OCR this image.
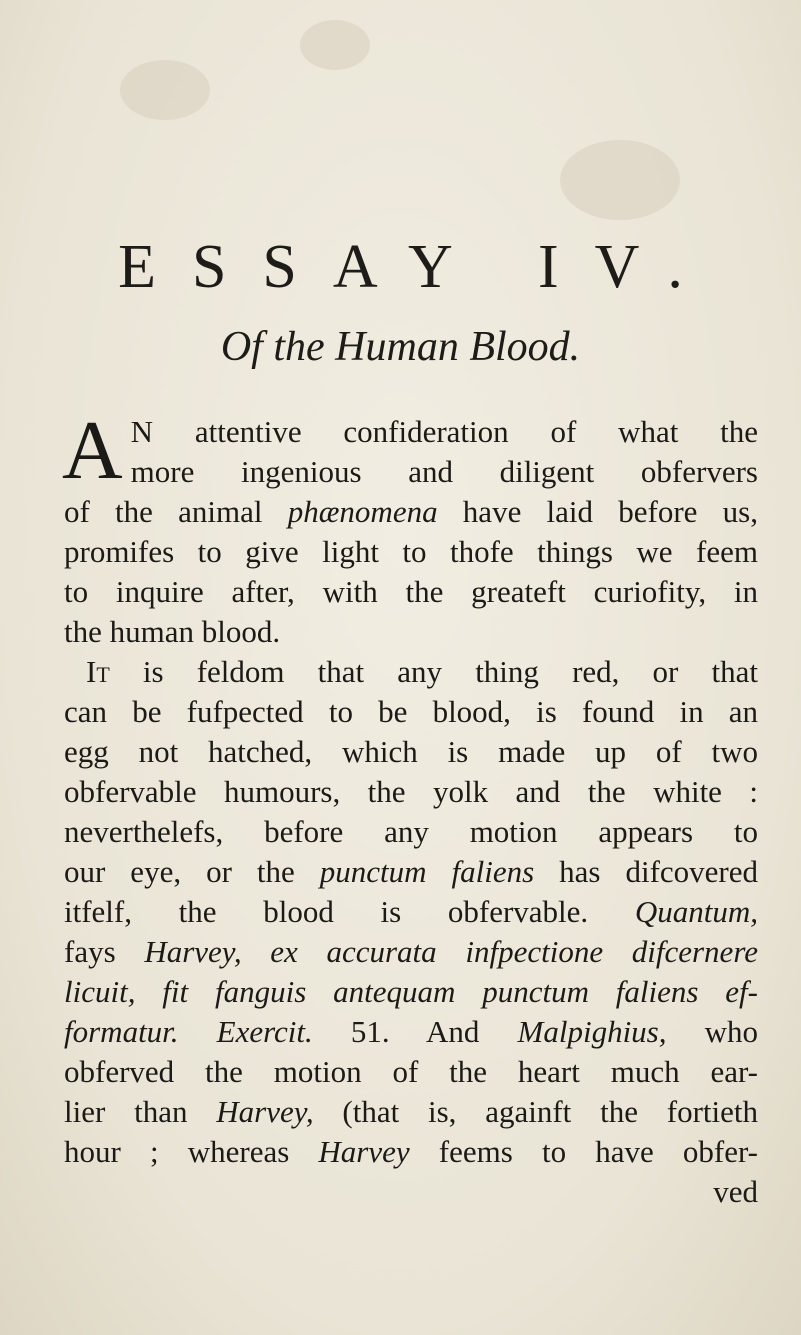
ESSAY IV.
Of the Human Blood.
A N attentive confideration of what the
more ingenious and diligent obfervers
of the animal phænomena have laid before us,
promifes to give light to thofe things we feem
to inquire after, with the greateft curiofity, in
the human blood.
It is feldom that any thing red, or that
can be fufpected to be blood, is found in an
egg not hatched, which is made up of two
obfervable humours, the yolk and the white :
neverthelefs, before any motion appears to
our eye, or the punctum faliens has difcovered
itfelf, the blood is obfervable. Quantum,
fays Harvey, ex accurata infpectione difcernere
licuit, fit fanguis antequam punctum faliens ef-
formatur. Exercit. 51. And Malpighius, who
obferved the motion of the heart much ear-
lier than Harvey, (that is, againft the fortieth
hour ; whereas Harvey feems to have obfer-
ved
